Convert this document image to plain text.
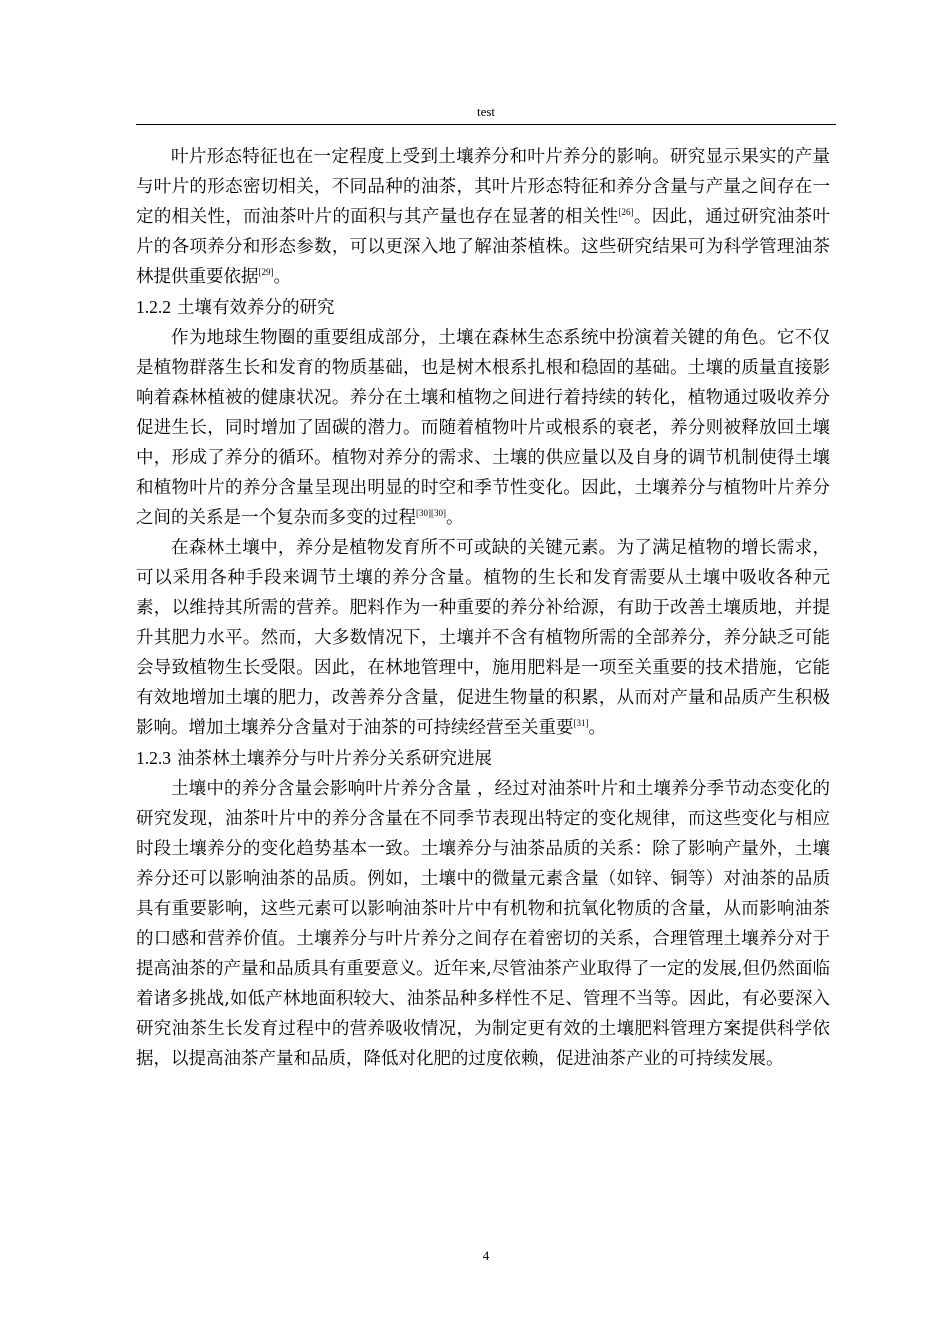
test

叶片形态特征也在一定程度上受到土壤养分和叶片养分的影响。研究显示果实的产量与叶片的形态密切相关，不同品种的油茶，其叶片形态特征和养分含量与产量之间存在一定的相关性，而油茶叶片的面积与其产量也存在显著的相关性[26]。因此，通过研究油茶叶片的各项养分和形态参数，可以更深入地了解油茶植株。这些研究结果可为科学管理油茶林提供重要依据[29]。

1.2.2 土壤有效养分的研究

作为地球生物圈的重要组成部分，土壤在森林生态系统中扮演着关键的角色。它不仅是植物群落生长和发育的物质基础，也是树木根系扎根和稳固的基础。土壤的质量直接影响着森林植被的健康状况。养分在土壤和植物之间进行着持续的转化，植物通过吸收养分促进生长，同时增加了固碳的潜力。而随着植物叶片或根系的衰老，养分则被释放回土壤中，形成了养分的循环。植物对养分的需求、土壤的供应量以及自身的调节机制使得土壤和植物叶片的养分含量呈现出明显的时空和季节性变化。因此，土壤养分与植物叶片养分之间的关系是一个复杂而多变的过程[30][30]。

在森林土壤中，养分是植物发育所不可或缺的关键元素。为了满足植物的增长需求，可以采用各种手段来调节土壤的养分含量。植物的生长和发育需要从土壤中吸收各种元素，以维持其所需的营养。肥料作为一种重要的养分补给源，有助于改善土壤质地，并提升其肥力水平。然而，大多数情况下，土壤并不含有植物所需的全部养分，养分缺乏可能会导致植物生长受限。因此，在林地管理中，施用肥料是一项至关重要的技术措施，它能有效地增加土壤的肥力，改善养分含量，促进生物量的积累，从而对产量和品质产生积极影响。增加土壤养分含量对于油茶的可持续经营至关重要[31]。

1.2.3 油茶林土壤养分与叶片养分关系研究进展

土壤中的养分含量会影响叶片养分含量 ，经过对油茶叶片和土壤养分季节动态变化的研究发现，油茶叶片中的养分含量在不同季节表现出特定的变化规律，而这些变化与相应时段土壤养分的变化趋势基本一致。土壤养分与油茶品质的关系：除了影响产量外，土壤养分还可以影响油茶的品质。例如，土壤中的微量元素含量（如锌、铜等）对油茶的品质具有重要影响，这些元素可以影响油茶叶片中有机物和抗氧化物质的含量，从而影响油茶的口感和营养价值。土壤养分与叶片养分之间存在着密切的关系，合理管理土壤养分对于提高油茶的产量和品质具有重要意义。近年来,尽管油茶产业取得了一定的发展,但仍然面临着诸多挑战,如低产林地面积较大、油茶品种多样性不足、管理不当等。因此，有必要深入研究油茶生长发育过程中的营养吸收情况，为制定更有效的土壤肥料管理方案提供科学依据，以提高油茶产量和品质，降低对化肥的过度依赖，促进油茶产业的可持续发展。

4
